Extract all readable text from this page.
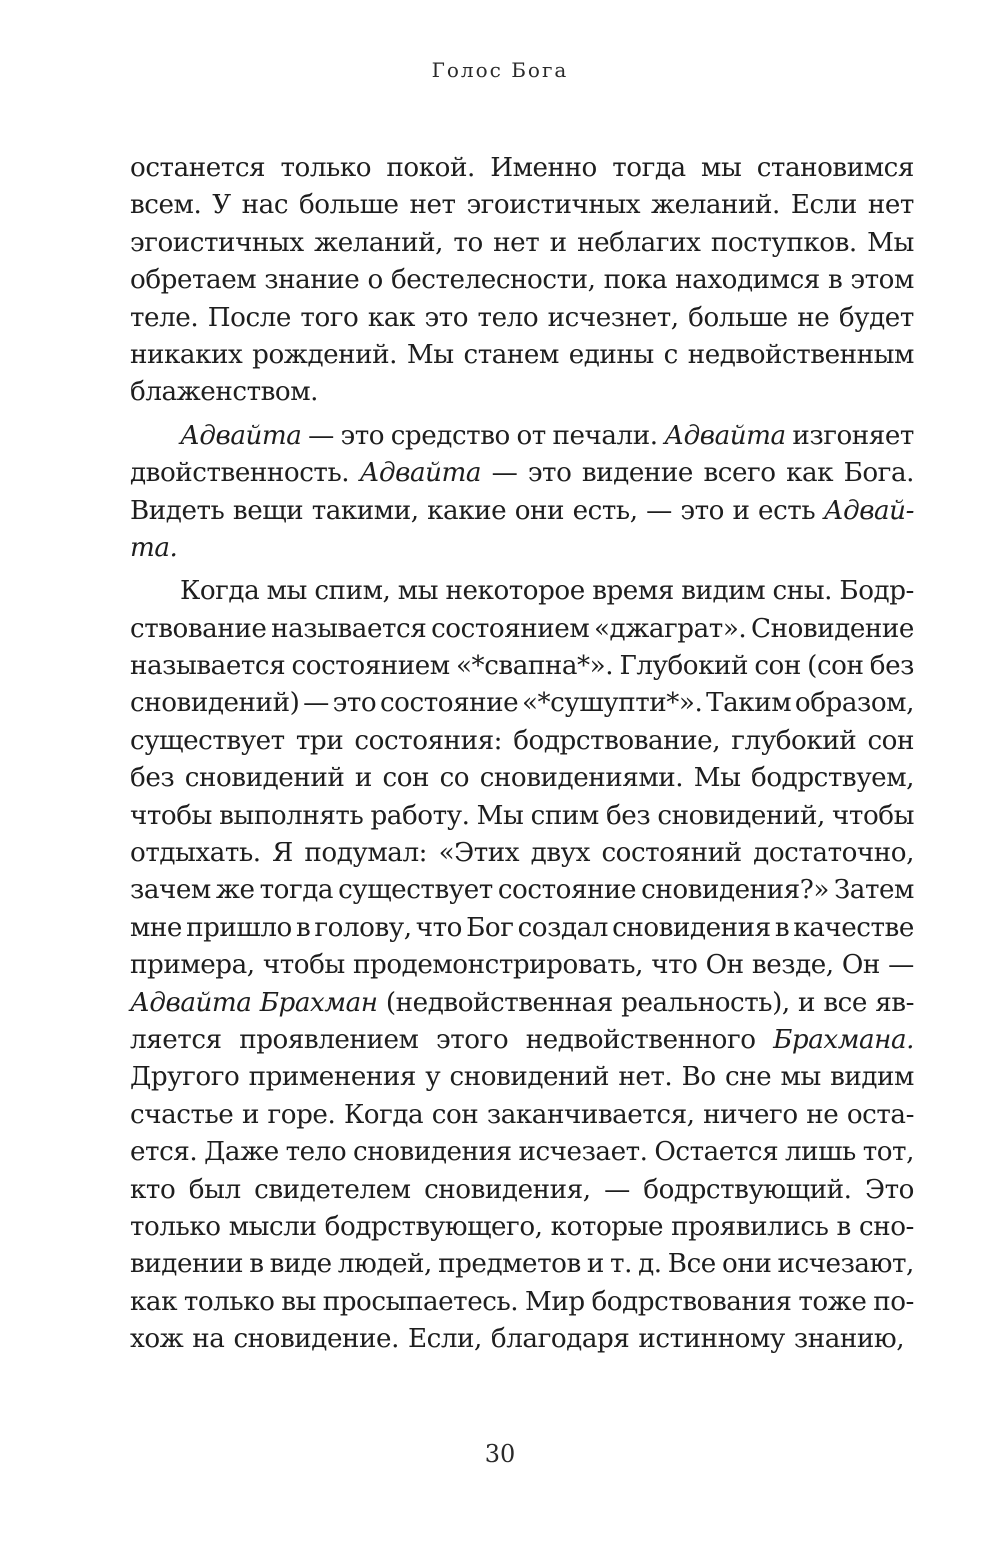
Голос Бога
останется только покой. Именно тогда мы становимся
всем. У нас больше нет эгоистичных желаний. Если нет
эгоистичных желаний, то нет и неблагих поступков. Мы
обретаем знание о бестелесности, пока находимся в этом
теле. После того как это тело исчезнет, больше не будет
никаких рождений. Мы станем едины с недвойственным
блаженством.
Адвайта — это средство от печали. Адвайта изгоняет
двойственность. Адвайта — это видение всего как Бога.
Видеть вещи такими, какие они есть, — это и есть Адвай-
та.
Когда мы спим, мы некоторое время видим сны. Бодр-
ствование называется состоянием «джаграт». Сновидение
называется состоянием «*свапна*». Глубокий сон (сон без
сновидений) — это состояние «*сушупти*». Таким образом,
существует три состояния: бодрствование, глубокий сон
без сновидений и сон со сновидениями. Мы бодрствуем,
чтобы выполнять работу. Мы спим без сновидений, чтобы
отдыхать. Я подумал: «Этих двух состояний достаточно,
зачем же тогда существует состояние сновидения?» Затем
мне пришло в голову, что Бог создал сновидения в качестве
примера, чтобы продемонстрировать, что Он везде, Он —
Адвайта Брахман (недвойственная реальность), и все яв-
ляется проявлением этого недвойственного Брахмана.
Другого применения у сновидений нет. Во сне мы видим
счастье и горе. Когда сон заканчивается, ничего не оста-
ется. Даже тело сновидения исчезает. Остается лишь тот,
кто был свидетелем сновидения, — бодрствующий. Это
только мысли бодрствующего, которые проявились в сно-
видении в виде людей, предметов и т. д. Все они исчезают,
как только вы просыпаетесь. Мир бодрствования тоже по-
хож на сновидение. Если, благодаря истинному знанию,
30
